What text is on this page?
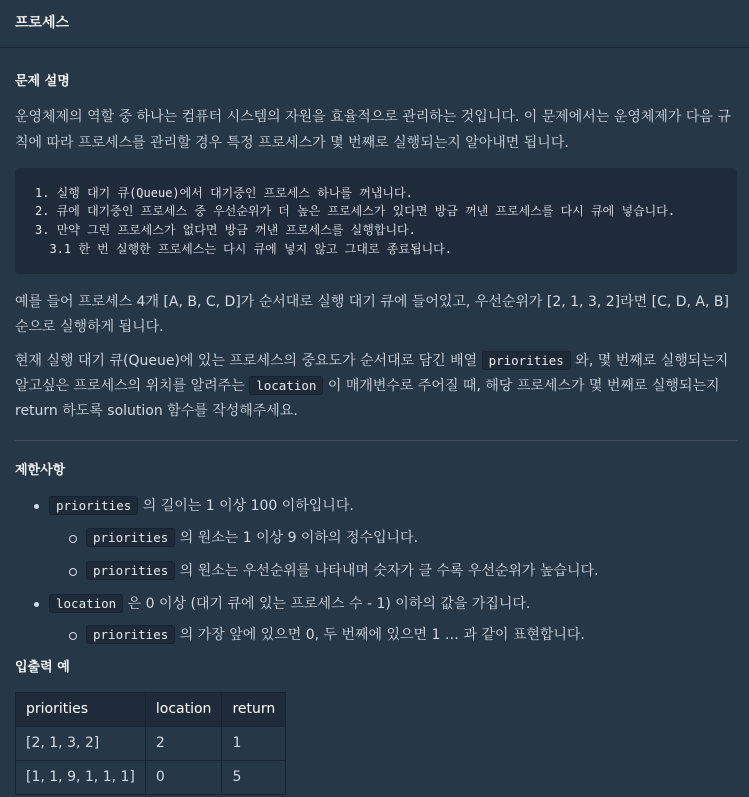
프로세스
문제 설명

운영체제의 역할 중 하나는 컴퓨터 시스템의 자원을 효율적으로 관리하는 것입니다. 이 문제에서는 운영체제가 다음 규칙에 따라 프로세스를 관리할 경우 특정 프로세스가 몇 번째로 실행되는지 알아내면 됩니다.

1. 실행 대기 큐(Queue)에서 대기중인 프로세스 하나를 꺼냅니다.
2. 큐에 대기중인 프로세스 중 우선순위가 더 높은 프로세스가 있다면 방금 꺼낸 프로세스를 다시 큐에 넣습니다.
3. 만약 그런 프로세스가 없다면 방금 꺼낸 프로세스를 실행합니다.
3.1 한 번 실행한 프로세스는 다시 큐에 넣지 않고 그대로 종료됩니다.

예를 들어 프로세스 4개 [A, B, C, D]가 순서대로 실행 대기 큐에 들어있고, 우선순위가 [2, 1, 3, 2]라면 [C, D, A, B] 순으로 실행하게 됩니다.

현재 실행 대기 큐(Queue)에 있는 프로세스의 중요도가 순서대로 담긴 배열 priorities 와, 몇 번째로 실행되는지 알고싶은 프로세스의 위치를 알려주는 location 이 매개변수로 주어질 때, 해당 프로세스가 몇 번째로 실행되는지 return 하도록 solution 함수를 작성해주세요.

제한사항
priorities 의 길이는 1 이상 100 이하입니다.
priorities 의 원소는 1 이상 9 이하의 정수입니다.
priorities 의 원소는 우선순위를 나타내며 숫자가 클 수록 우선순위가 높습니다.
location 은 0 이상 (대기 큐에 있는 프로세스 수 - 1) 이하의 값을 가집니다.
priorities 의 가장 앞에 있으면 0, 두 번째에 있으면 1 … 과 같이 표현합니다.
입출력 예
priorities	location	return
[2, 1, 3, 2]	2	1
[1, 1, 9, 1, 1, 1]	0	5
